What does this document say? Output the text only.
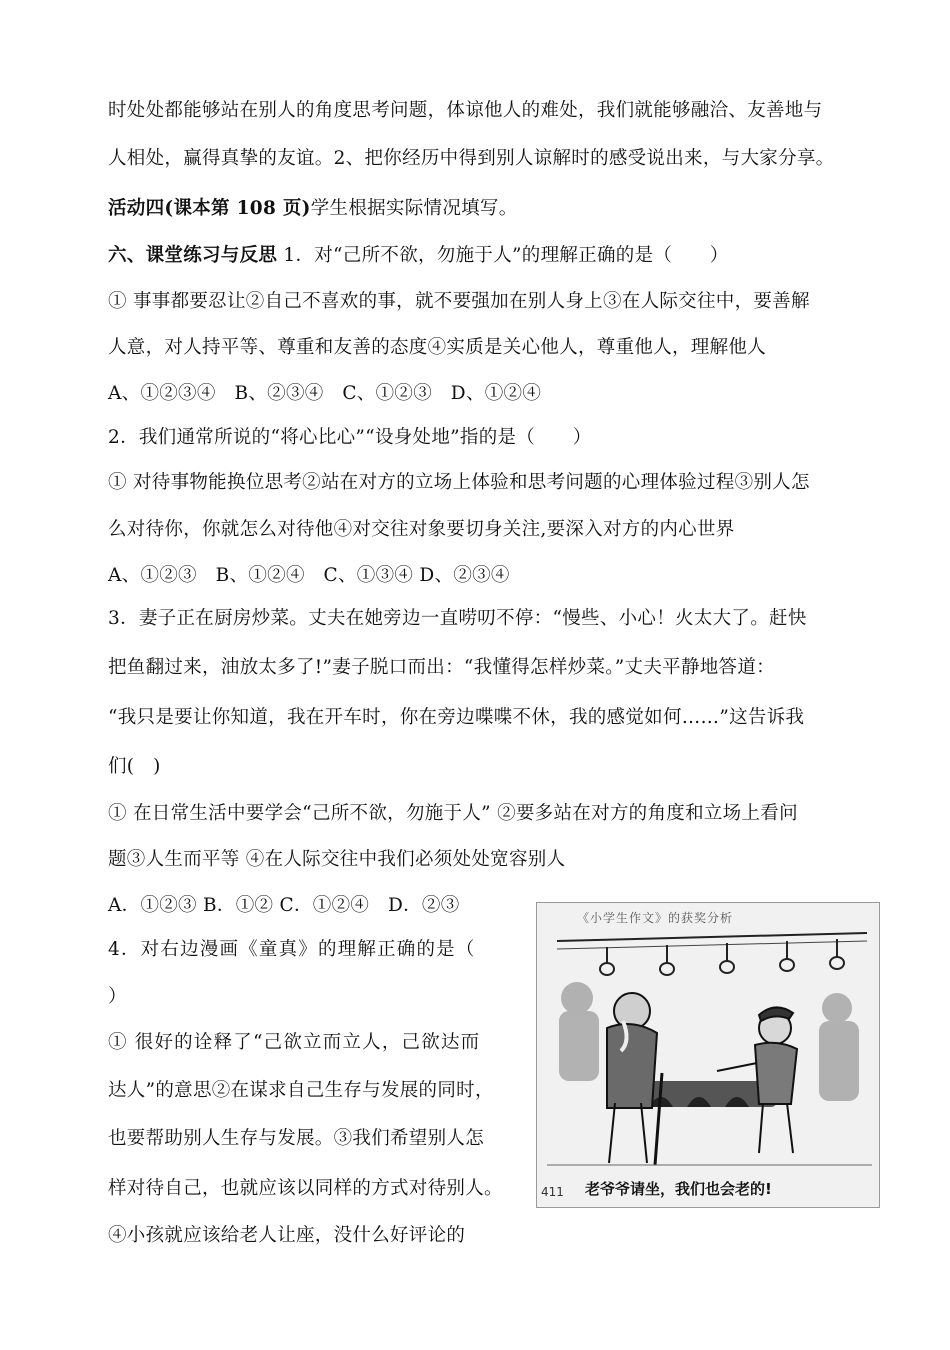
时处处都能够站在别人的角度思考问题，体谅他人的难处，我们就能够融洽、友善地与
人相处，赢得真挚的友谊。2、把你经历中得到别人谅解时的感受说出来，与大家分享。
活动四(课本第 108 页)学生根据实际情况填写。
六、课堂练习与反思 1．对“己所不欲，勿施于人”的理解正确的是（　　）
① 事事都要忍让②自己不喜欢的事，就不要强加在别人身上③在人际交往中，要善解
人意，对人持平等、尊重和友善的态度④实质是关心他人，尊重他人，理解他人
A、①②③④　B、②③④　C、①②③　D、①②④
2．我们通常所说的“将心比心”“设身处地”指的是（　　）
① 对待事物能换位思考②站在对方的立场上体验和思考问题的心理体验过程③别人怎
么对待你，你就怎么对待他④对交往对象要切身关注,要深入对方的内心世界
A、①②③　B、①②④　C、①③④ D、②③④
3．妻子正在厨房炒菜。丈夫在她旁边一直唠叨不停：“慢些、小心！火太大了。赶快
把鱼翻过来，油放太多了!”妻子脱口而出：“我懂得怎样炒菜。”丈夫平静地答道：
“我只是要让你知道，我在开车时，你在旁边喋喋不休，我的感觉如何……”这告诉我
们(　)
① 在日常生活中要学会“己所不欲，勿施于人” ②要多站在对方的角度和立场上看问
题③人生而平等 ④在人际交往中我们必须处处宽容别人
A．①②③ B．①② C．①②④　D．②③
4．对右边漫画《童真》的理解正确的是（
）
① 很好的诠释了“己欲立而立人，己欲达而
达人”的意思②在谋求自己生存与发展的同时，
也要帮助别人生存与发展。③我们希望别人怎
样对待自己，也就应该以同样的方式对待别人。
④小孩就应该给老人让座，没什么好评论的
《小学生作文》的获奖分析
411 老爷爷请坐，我们也会老的!
